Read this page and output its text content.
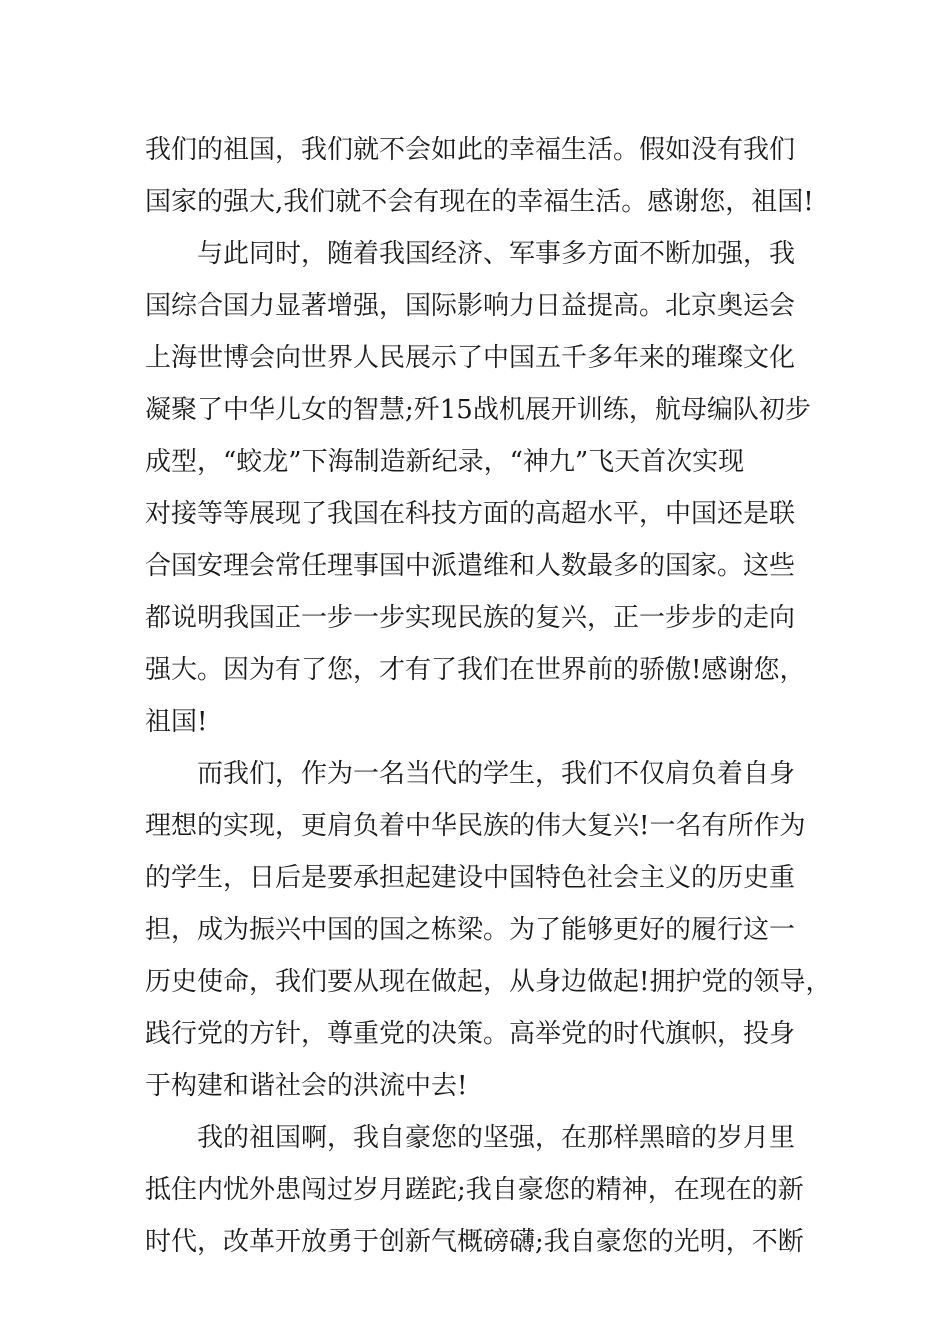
我们的祖国，我们就不会如此的幸福生活。假如没有我们
国家的强大,我们就不会有现在的幸福生活。感谢您，祖国!
与此同时，随着我国经济、军事多方面不断加强，我
国综合国力显著增强，国际影响力日益提高。北京奥运会
上海世博会向世界人民展示了中国五千多年来的璀璨文化
凝聚了中华儿女的智慧;歼15战机展开训练，航母编队初步
成型，“蛟龙”下海制造新纪录，“神九”飞天首次实现
对接等等展现了我国在科技方面的高超水平，中国还是联
合国安理会常任理事国中派遣维和人数最多的国家。这些
都说明我国正一步一步实现民族的复兴，正一步步的走向
强大。因为有了您，才有了我们在世界前的骄傲!感谢您，
祖国!
而我们，作为一名当代的学生，我们不仅肩负着自身
理想的实现，更肩负着中华民族的伟大复兴!一名有所作为
的学生，日后是要承担起建设中国特色社会主义的历史重
担，成为振兴中国的国之栋梁。为了能够更好的履行这一
历史使命，我们要从现在做起，从身边做起!拥护党的领导，
践行党的方针，尊重党的决策。高举党的时代旗帜，投身
于构建和谐社会的洪流中去!
我的祖国啊，我自豪您的坚强，在那样黑暗的岁月里
抵住内忧外患闯过岁月蹉跎;我自豪您的精神，在现在的新
时代，改革开放勇于创新气概磅礴;我自豪您的光明，不断
